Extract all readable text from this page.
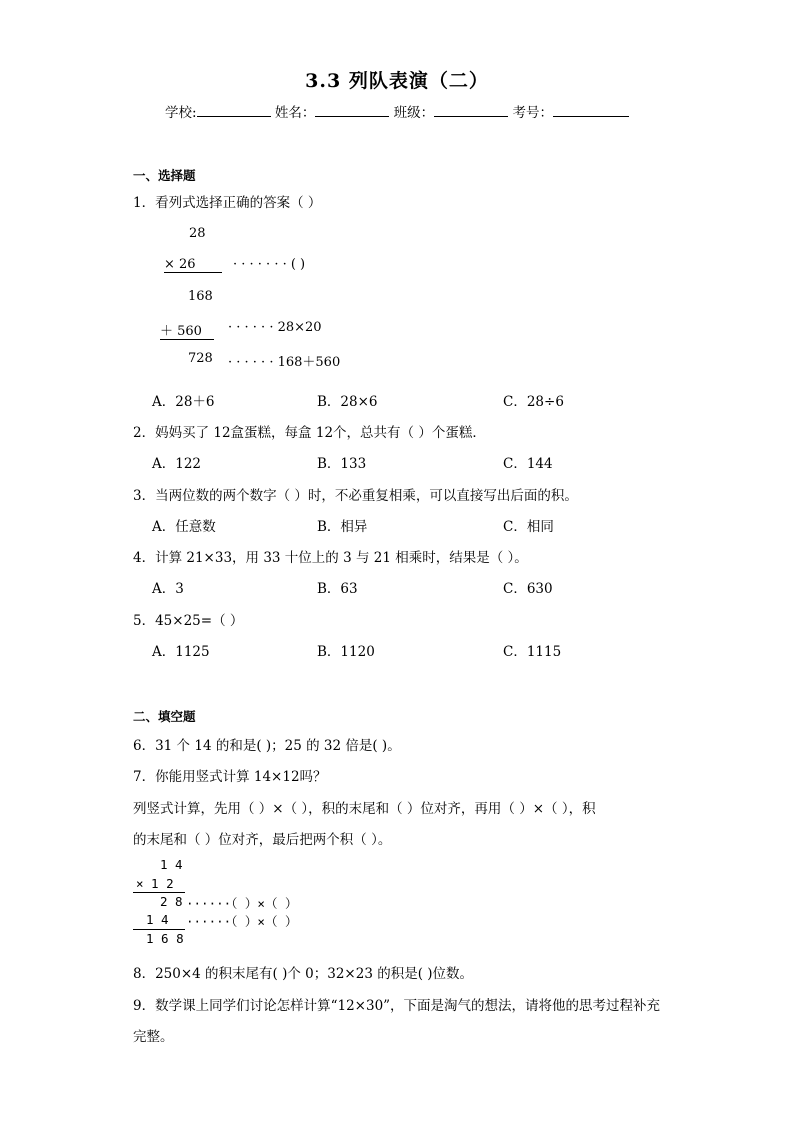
3.3 列队表演（二）
学校:	姓名：	班级：	考号：
一、选择题
1．看列式选择正确的答案（ ）
28
× 26	· · · · · · · ( )
168
＋ 560	· · · · · · 28×20
728 · · · · · · 168＋560
A．28＋6	B．28×6	C．28÷6
2．妈妈买了 12盒蛋糕，每盒 12个，总共有（ ）个蛋糕．
A．122	B．133	C．144
3．当两位数的两个数字（ ）时，不必重复相乘，可以直接写出后面的积。
A．任意数	B．相异	C．相同
4．计算 21×33，用 33 十位上的 3 与 21 相乘时，结果是（ ）。
A．3	B．63	C．630
5．45×25=（ ）
A．1125	B．1120	C．1115
二、填空题
6．31 个 14 的和是( )；25 的 32 倍是( )。
7．你能用竖式计算 14×12吗？
列竖式计算，先用（ ）×（ ），积的末尾和（ ）位对齐，再用（ ）×（ ），积
的末尾和（ ）位对齐，最后把两个积（ ）。
1 4
× 1 2
2 8 ······（ ）×（ ）
1 4 ······（ ）×（ ）
1 6 8
8．250×4 的积末尾有( )个 0；32×23 的积是( )位数。
9．数学课上同学们讨论怎样计算“12×30”，下面是淘气的想法，请将他的思考过程补充
完整。
